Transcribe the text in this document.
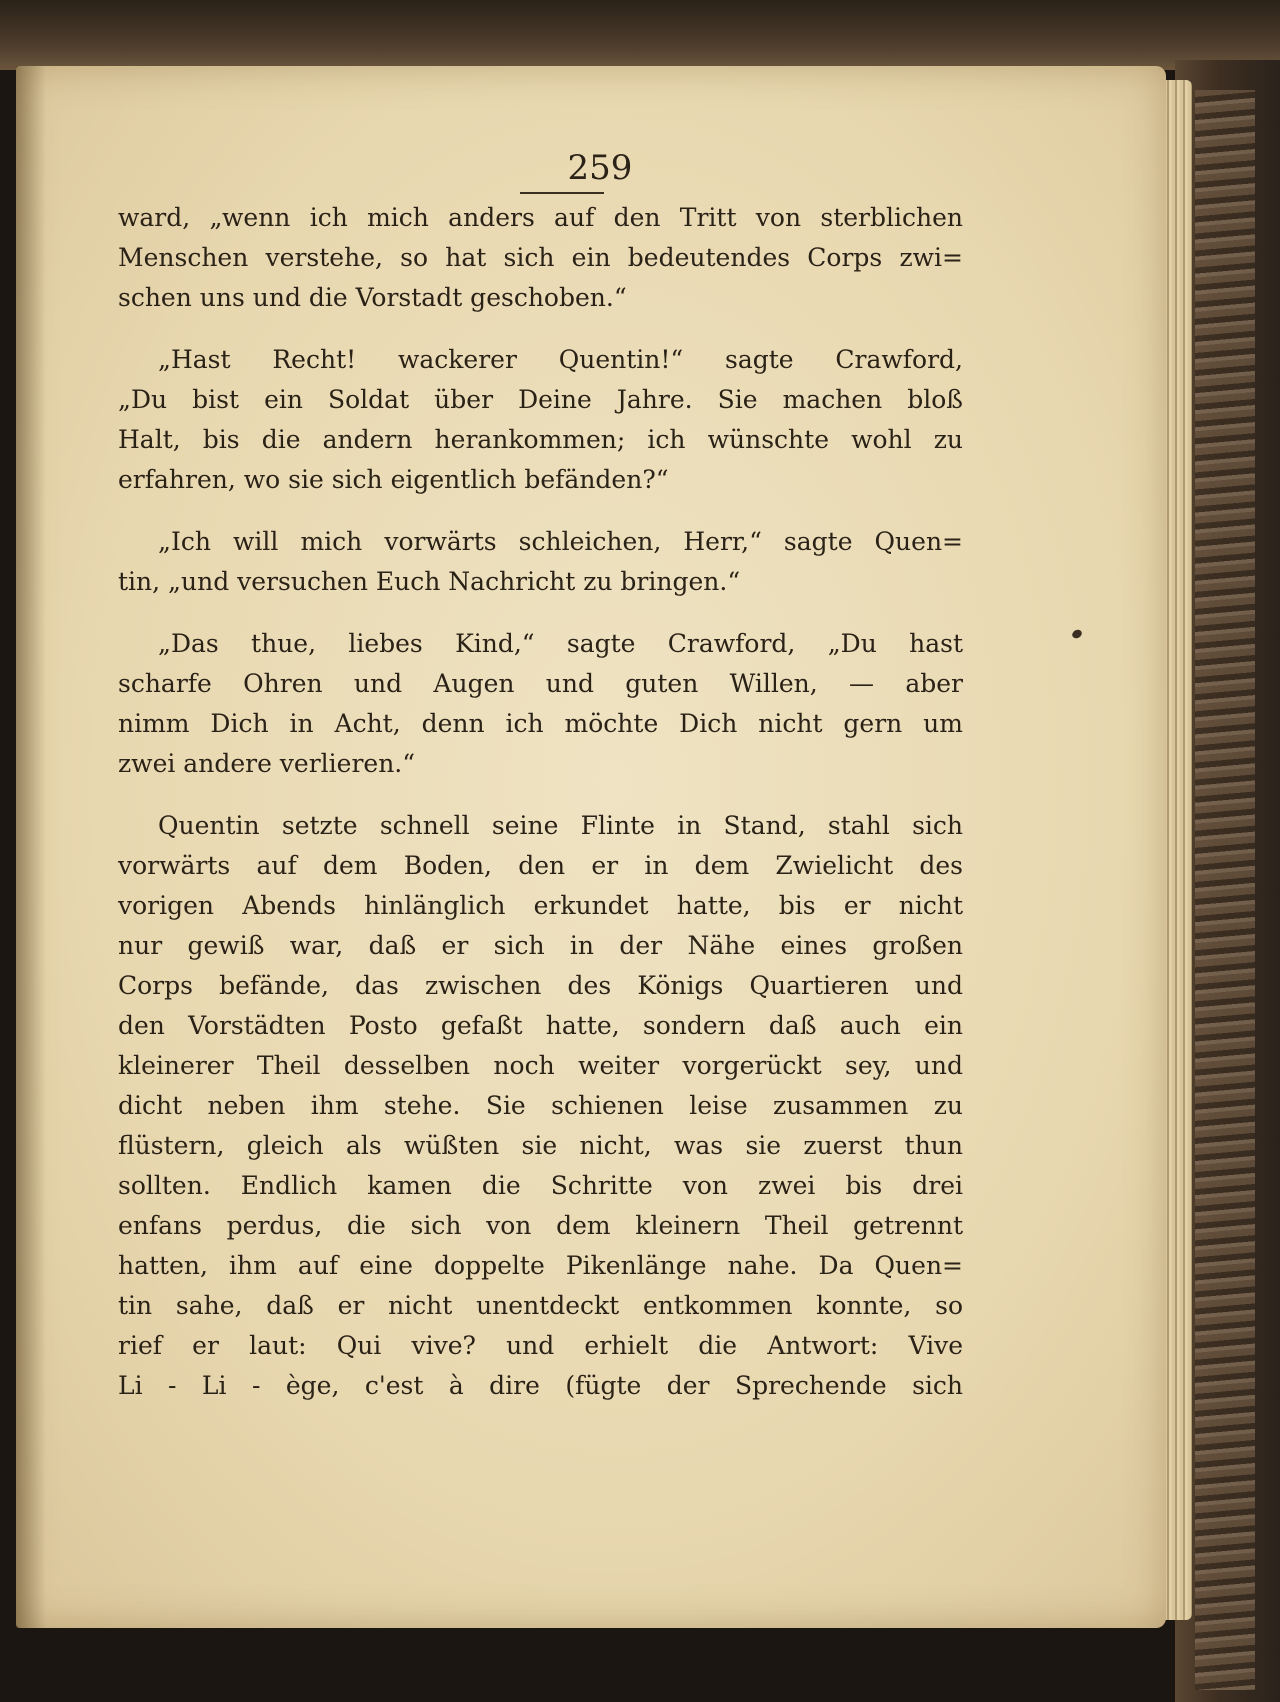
259

ward, „wenn ich mich anders auf den Tritt von sterblichen
Menschen verstehe, so hat sich ein bedeutendes Corps zwi=
schen uns und die Vorstadt geschoben.“

„Hast Recht! wackerer Quentin!“ sagte Crawford,
„Du bist ein Soldat über Deine Jahre. Sie machen bloß
Halt, bis die andern herankommen; ich wünschte wohl zu
erfahren, wo sie sich eigentlich befänden?“

„Ich will mich vorwärts schleichen, Herr,“ sagte Quen=
tin, „und versuchen Euch Nachricht zu bringen.“

„Das thue, liebes Kind,“ sagte Crawford, „Du hast
scharfe Ohren und Augen und guten Willen, — aber
nimm Dich in Acht, denn ich möchte Dich nicht gern um
zwei andere verlieren.“

Quentin setzte schnell seine Flinte in Stand, stahl sich
vorwärts auf dem Boden, den er in dem Zwielicht des
vorigen Abends hinlänglich erkundet hatte, bis er nicht
nur gewiß war, daß er sich in der Nähe eines großen
Corps befände, das zwischen des Königs Quartieren und
den Vorstädten Posto gefaßt hatte, sondern daß auch ein
kleinerer Theil desselben noch weiter vorgerückt sey, und
dicht neben ihm stehe. Sie schienen leise zusammen zu
flüstern, gleich als wüßten sie nicht, was sie zuerst thun
sollten. Endlich kamen die Schritte von zwei bis drei
enfans perdus, die sich von dem kleinern Theil getrennt
hatten, ihm auf eine doppelte Pikenlänge nahe. Da Quen=
tin sahe, daß er nicht unentdeckt entkommen konnte, so
rief er laut: Qui vive? und erhielt die Antwort: Vive
Li - Li - ège, c'est à dire (fügte der Sprechende sich
